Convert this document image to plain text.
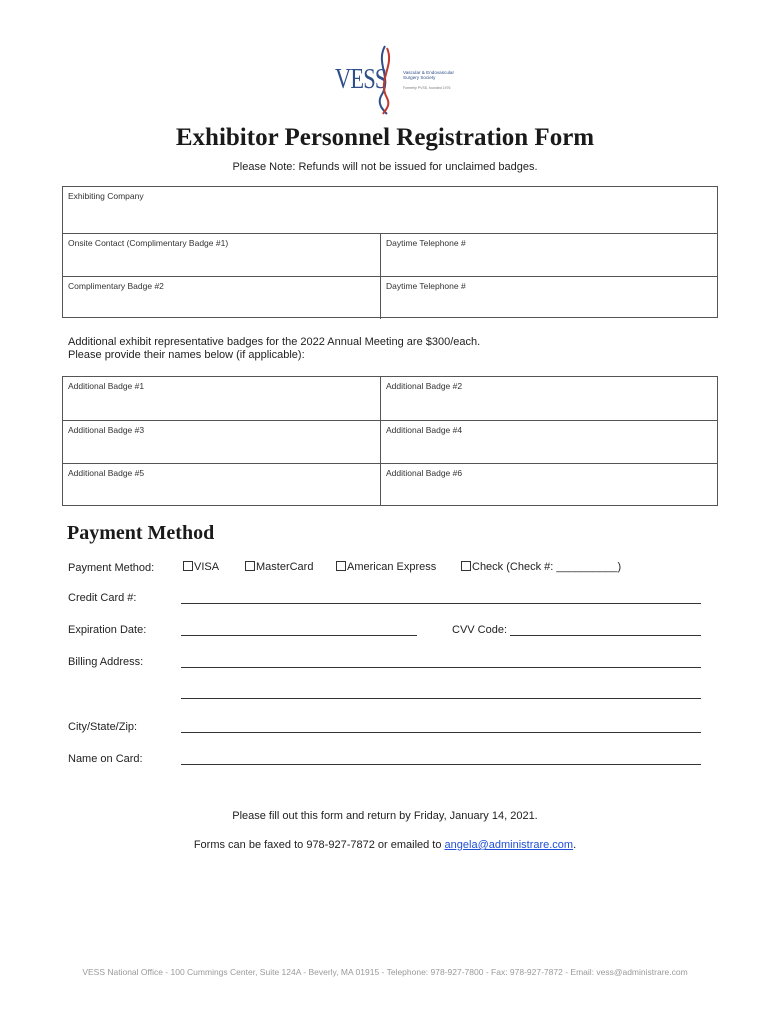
VESS	Vascular & Endovascular Surgery Society
Formerly PVSS, founded 1976
Exhibitor Personnel Registration Form
Please Note: Refunds will not be issued for unclaimed badges.
Exhibiting Company
Onsite Contact (Complimentary Badge #1)	Daytime Telephone #
Complimentary Badge #2	Daytime Telephone #
Additional exhibit representative badges for the 2022 Annual Meeting are $300/each.
Please provide their names below (if applicable):
Additional Badge #1	Additional Badge #2
Additional Badge #3	Additional Badge #4
Additional Badge #5	Additional Badge #6
Payment Method
Payment Method:	VISA	MasterCard	American Express	Check (Check #: __________)
Credit Card #:
Expiration Date:	CVV Code:
Billing Address:
City/State/Zip:
Name on Card:
Please fill out this form and return by Friday, January 14, 2021.
Forms can be faxed to 978-927-7872 or emailed to angela@administrare.com.
VESS National Office - 100 Cummings Center, Suite 124A - Beverly, MA 01915 - Telephone: 978-927-7800 - Fax: 978-927-7872 - Email: vess@administrare.com
